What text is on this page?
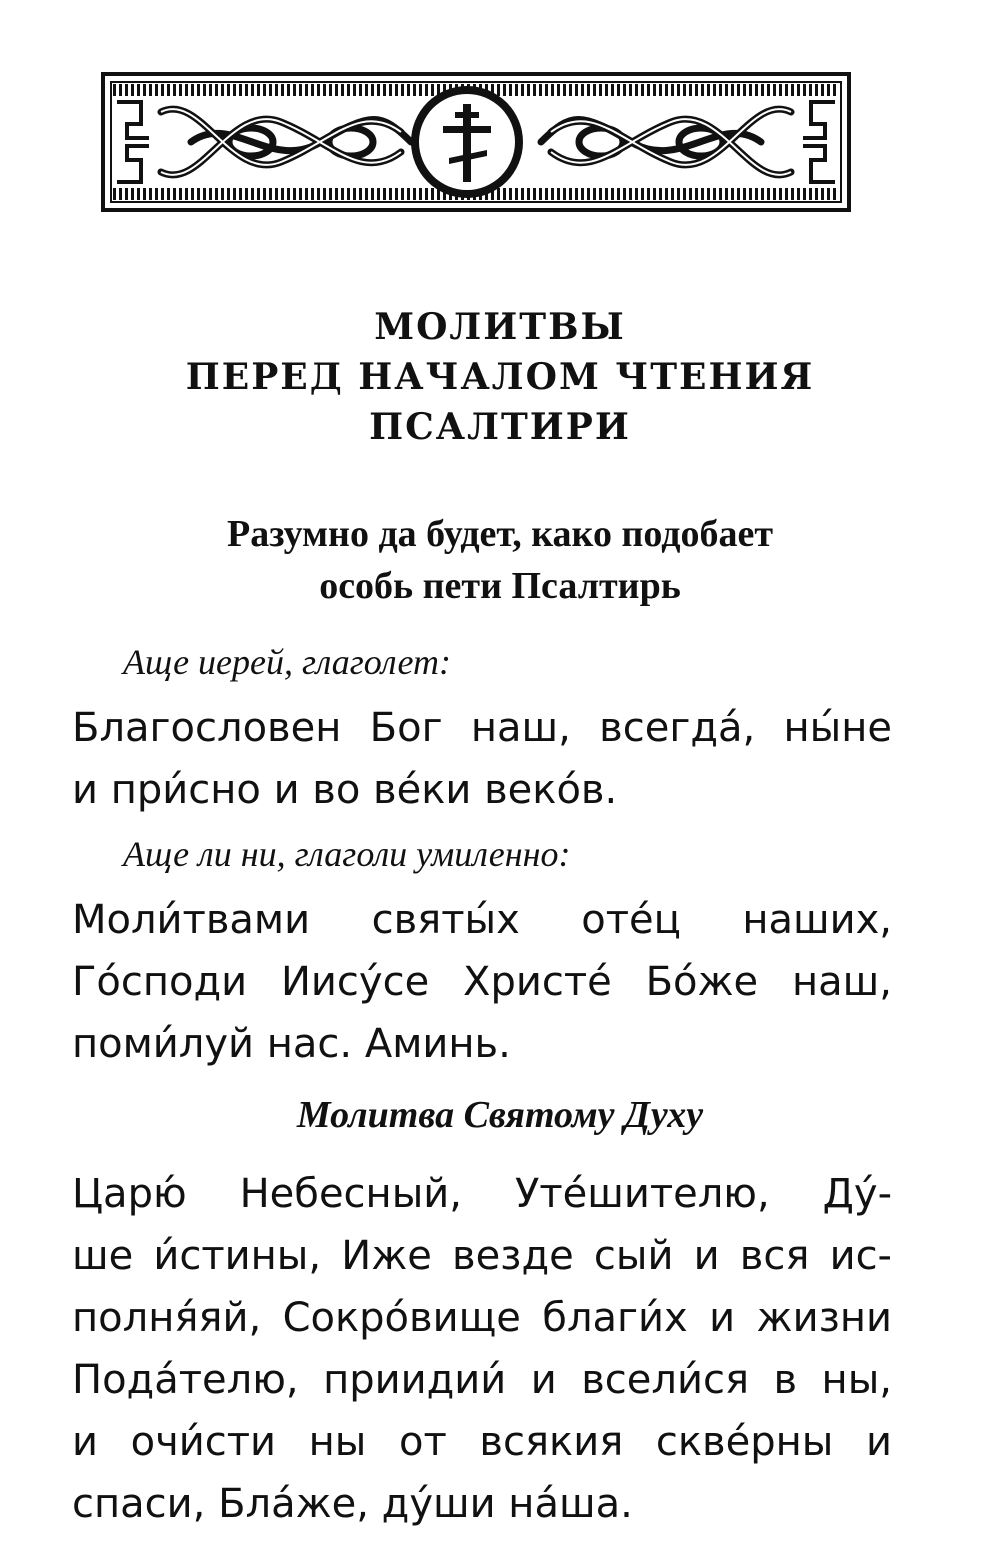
МОЛИТВЫ
ПЕРЕД НАЧАЛОМ ЧТЕНИЯ
ПСАЛТИРИ
Разумно да будет, како подобает
особь пети Псалтирь

Аще иерей, глаголет:

Благословен Бог наш, всегда́, ны́не
и при́сно и во ве́ки веко́в.

Аще ли ни, глаголи умиленно:

Моли́твами святы́х оте́ц наших,
Го́споди Иису́се Христе́ Бо́же наш,
поми́луй нас. Аминь.
Молитва Святому Духу
Царю́ Небесный, Уте́шителю, Ду́-
ше и́стины, Иже везде сый и вся ис-
полня́яй, Сокро́вище благи́х и жизни
Пода́телю, приидии́ и всели́ся в ны,
и очи́сти ны от всякия скве́рны и
спаси, Бла́же, ду́ши на́ша.
